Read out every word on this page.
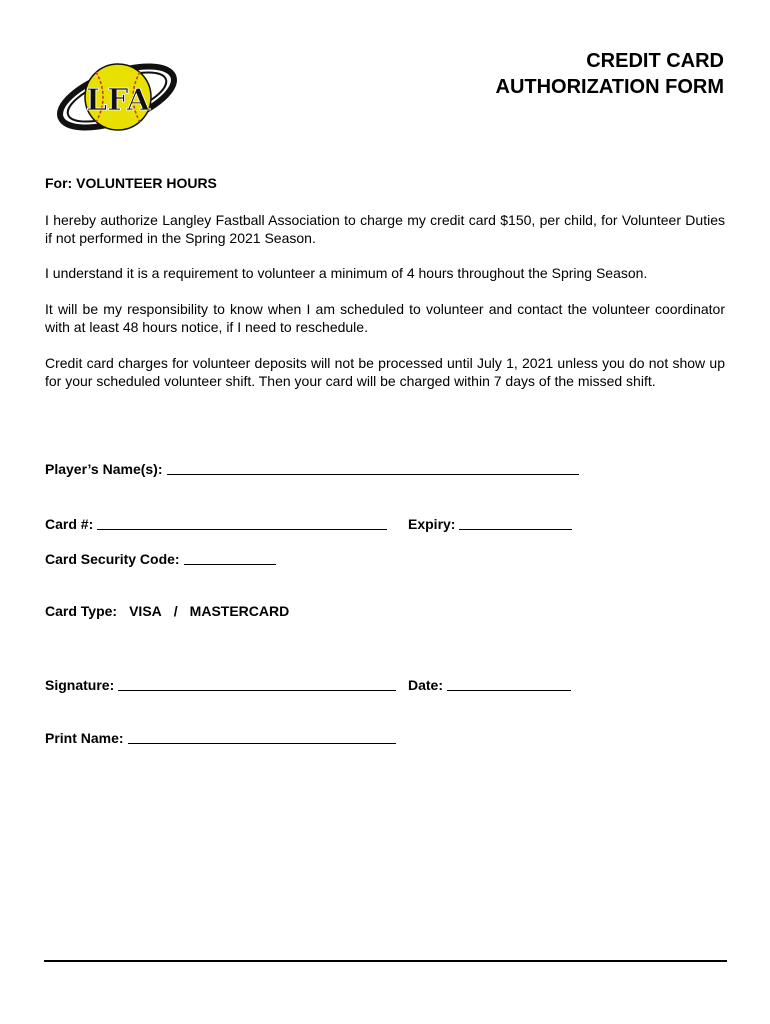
LFA
CREDIT CARD
AUTHORIZATION FORM
For: VOLUNTEER HOURS
I hereby authorize Langley Fastball Association to charge my credit card $150, per child, for Volunteer Duties if not performed in the Spring 2021 Season.
I understand it is a requirement to volunteer a minimum of 4 hours throughout the Spring Season.
It will be my responsibility to know when I am scheduled to volunteer and contact the volunteer coordinator with at least 48 hours notice, if I need to reschedule.
Credit card charges for volunteer deposits will not be processed until July 1, 2021 unless you do not show up for your scheduled volunteer shift. Then your card will be charged within 7 days of the missed shift.
Player’s Name(s):
Card #:	Expiry:
Card Security Code:
Card Type: VISA / MASTERCARD
Signature:	Date:
Print Name:
